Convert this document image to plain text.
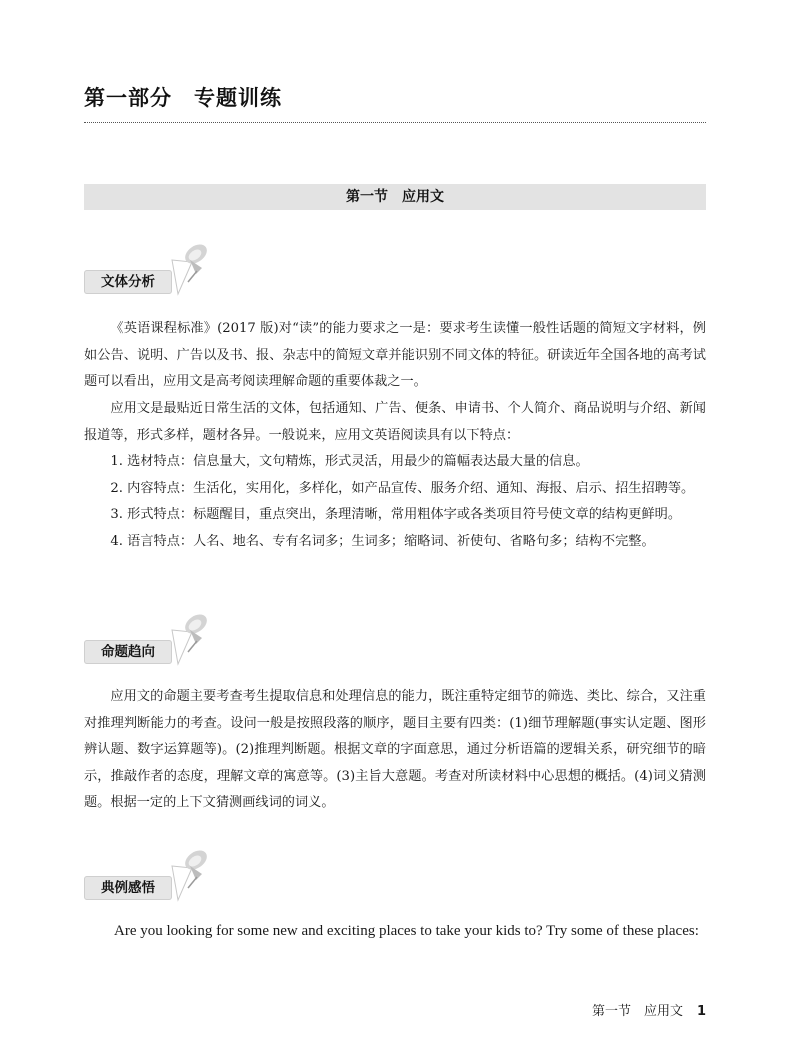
第一部分　专题训练
第一节　应用文
文体分析

《英语课程标准》(2017 版)对“读”的能力要求之一是：要求考生读懂一般性话题的简短文字材料，例如公告、说明、广告以及书、报、杂志中的简短文章并能识别不同文体的特征。研读近年全国各地的高考试题可以看出，应用文是高考阅读理解命题的重要体裁之一。

应用文是最贴近日常生活的文体，包括通知、广告、便条、申请书、个人简介、商品说明与介绍、新闻报道等，形式多样，题材各异。一般说来，应用文英语阅读具有以下特点：

1. 选材特点：信息量大，文句精炼，形式灵活，用最少的篇幅表达最大量的信息。

2. 内容特点：生活化，实用化，多样化，如产品宣传、服务介绍、通知、海报、启示、招生招聘等。

3. 形式特点：标题醒目，重点突出，条理清晰，常用粗体字或各类项目符号使文章的结构更鲜明。

4. 语言特点：人名、地名、专有名词多；生词多；缩略词、祈使句、省略句多；结构不完整。

命题趋向

应用文的命题主要考查考生提取信息和处理信息的能力，既注重特定细节的筛选、类比、综合，又注重对推理判断能力的考查。设问一般是按照段落的顺序，题目主要有四类：(1)细节理解题(事实认定题、图形辨认题、数字运算题等)。(2)推理判断题。根据文章的字面意思，通过分析语篇的逻辑关系，研究细节的暗示，推敲作者的态度，理解文章的寓意等。(3)主旨大意题。考查对所读材料中心思想的概括。(4)词义猜测题。根据一定的上下文猜测画线词的词义。

典例感悟

Are you looking for some new and exciting places to take your kids to? Try some of these places:

第一节　应用文 1
